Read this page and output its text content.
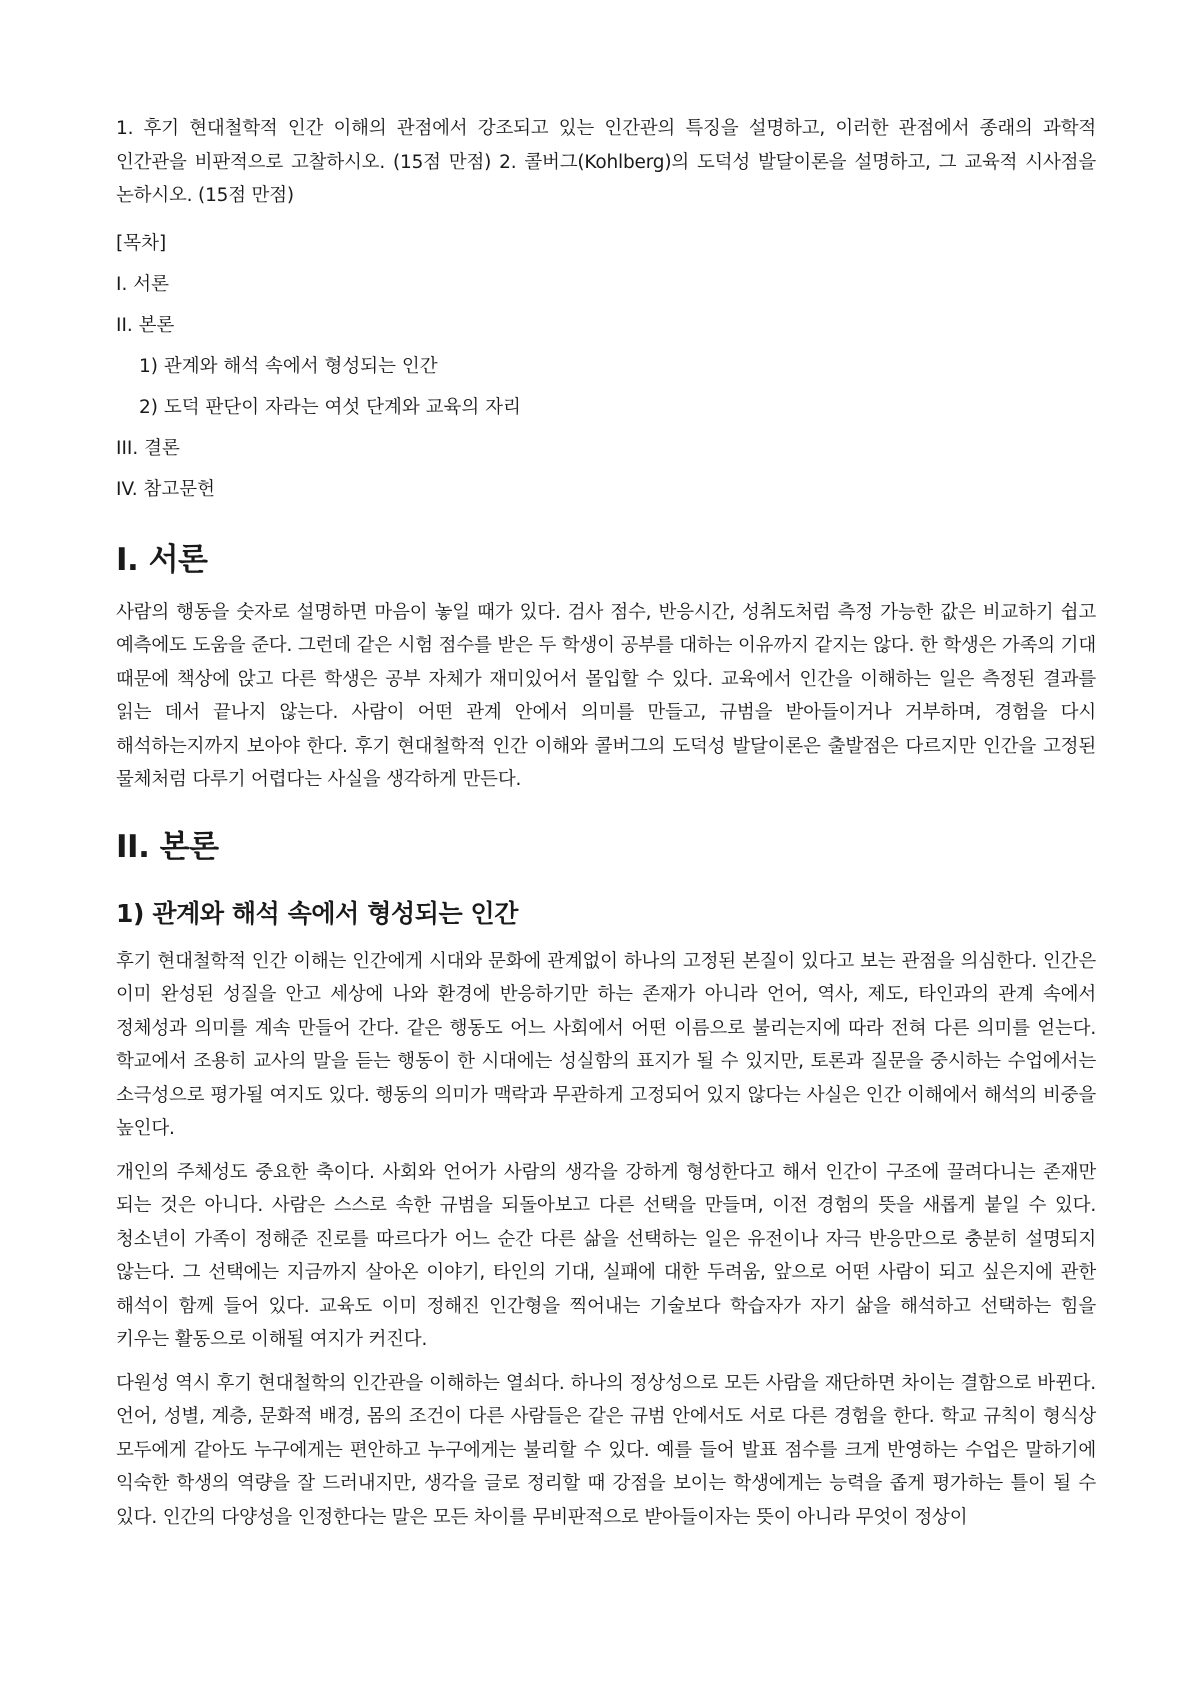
1. 후기 현대철학적 인간 이해의 관점에서 강조되고 있는 인간관의 특징을 설명하고, 이러한 관점에서 종래의 과학적 인간관을 비판적으로 고찰하시오. (15점 만점) 2. 콜버그(Kohlberg)의 도덕성 발달이론을 설명하고, 그 교육적 시사점을 논하시오. (15점 만점)

[목차]

I. 서론

II. 본론

1) 관계와 해석 속에서 형성되는 인간

2) 도덕 판단이 자라는 여섯 단계와 교육의 자리

III. 결론

IV. 참고문헌

I. 서론

사람의 행동을 숫자로 설명하면 마음이 놓일 때가 있다. 검사 점수, 반응시간, 성취도처럼 측정 가능한 값은 비교하기 쉽고 예측에도 도움을 준다. 그런데 같은 시험 점수를 받은 두 학생이 공부를 대하는 이유까지 같지는 않다. 한 학생은 가족의 기대 때문에 책상에 앉고 다른 학생은 공부 자체가 재미있어서 몰입할 수 있다. 교육에서 인간을 이해하는 일은 측정된 결과를 읽는 데서 끝나지 않는다. 사람이 어떤 관계 안에서 의미를 만들고, 규범을 받아들이거나 거부하며, 경험을 다시 해석하는지까지 보아야 한다. 후기 현대철학적 인간 이해와 콜버그의 도덕성 발달이론은 출발점은 다르지만 인간을 고정된 물체처럼 다루기 어렵다는 사실을 생각하게 만든다.

II. 본론
1) 관계와 해석 속에서 형성되는 인간

후기 현대철학적 인간 이해는 인간에게 시대와 문화에 관계없이 하나의 고정된 본질이 있다고 보는 관점을 의심한다. 인간은 이미 완성된 성질을 안고 세상에 나와 환경에 반응하기만 하는 존재가 아니라 언어, 역사, 제도, 타인과의 관계 속에서 정체성과 의미를 계속 만들어 간다. 같은 행동도 어느 사회에서 어떤 이름으로 불리는지에 따라 전혀 다른 의미를 얻는다. 학교에서 조용히 교사의 말을 듣는 행동이 한 시대에는 성실함의 표지가 될 수 있지만, 토론과 질문을 중시하는 수업에서는 소극성으로 평가될 여지도 있다. 행동의 의미가 맥락과 무관하게 고정되어 있지 않다는 사실은 인간 이해에서 해석의 비중을 높인다.

개인의 주체성도 중요한 축이다. 사회와 언어가 사람의 생각을 강하게 형성한다고 해서 인간이 구조에 끌려다니는 존재만 되는 것은 아니다. 사람은 스스로 속한 규범을 되돌아보고 다른 선택을 만들며, 이전 경험의 뜻을 새롭게 붙일 수 있다. 청소년이 가족이 정해준 진로를 따르다가 어느 순간 다른 삶을 선택하는 일은 유전이나 자극 반응만으로 충분히 설명되지 않는다. 그 선택에는 지금까지 살아온 이야기, 타인의 기대, 실패에 대한 두려움, 앞으로 어떤 사람이 되고 싶은지에 관한 해석이 함께 들어 있다. 교육도 이미 정해진 인간형을 찍어내는 기술보다 학습자가 자기 삶을 해석하고 선택하는 힘을 키우는 활동으로 이해될 여지가 커진다.

다원성 역시 후기 현대철학의 인간관을 이해하는 열쇠다. 하나의 정상성으로 모든 사람을 재단하면 차이는 결함으로 바뀐다. 언어, 성별, 계층, 문화적 배경, 몸의 조건이 다른 사람들은 같은 규범 안에서도 서로 다른 경험을 한다. 학교 규칙이 형식상 모두에게 같아도 누구에게는 편안하고 누구에게는 불리할 수 있다. 예를 들어 발표 점수를 크게 반영하는 수업은 말하기에 익숙한 학생의 역량을 잘 드러내지만, 생각을 글로 정리할 때 강점을 보이는 학생에게는 능력을 좁게 평가하는 틀이 될 수 있다. 인간의 다양성을 인정한다는 말은 모든 차이를 무비판적으로 받아들이자는 뜻이 아니라 무엇이 정상이
